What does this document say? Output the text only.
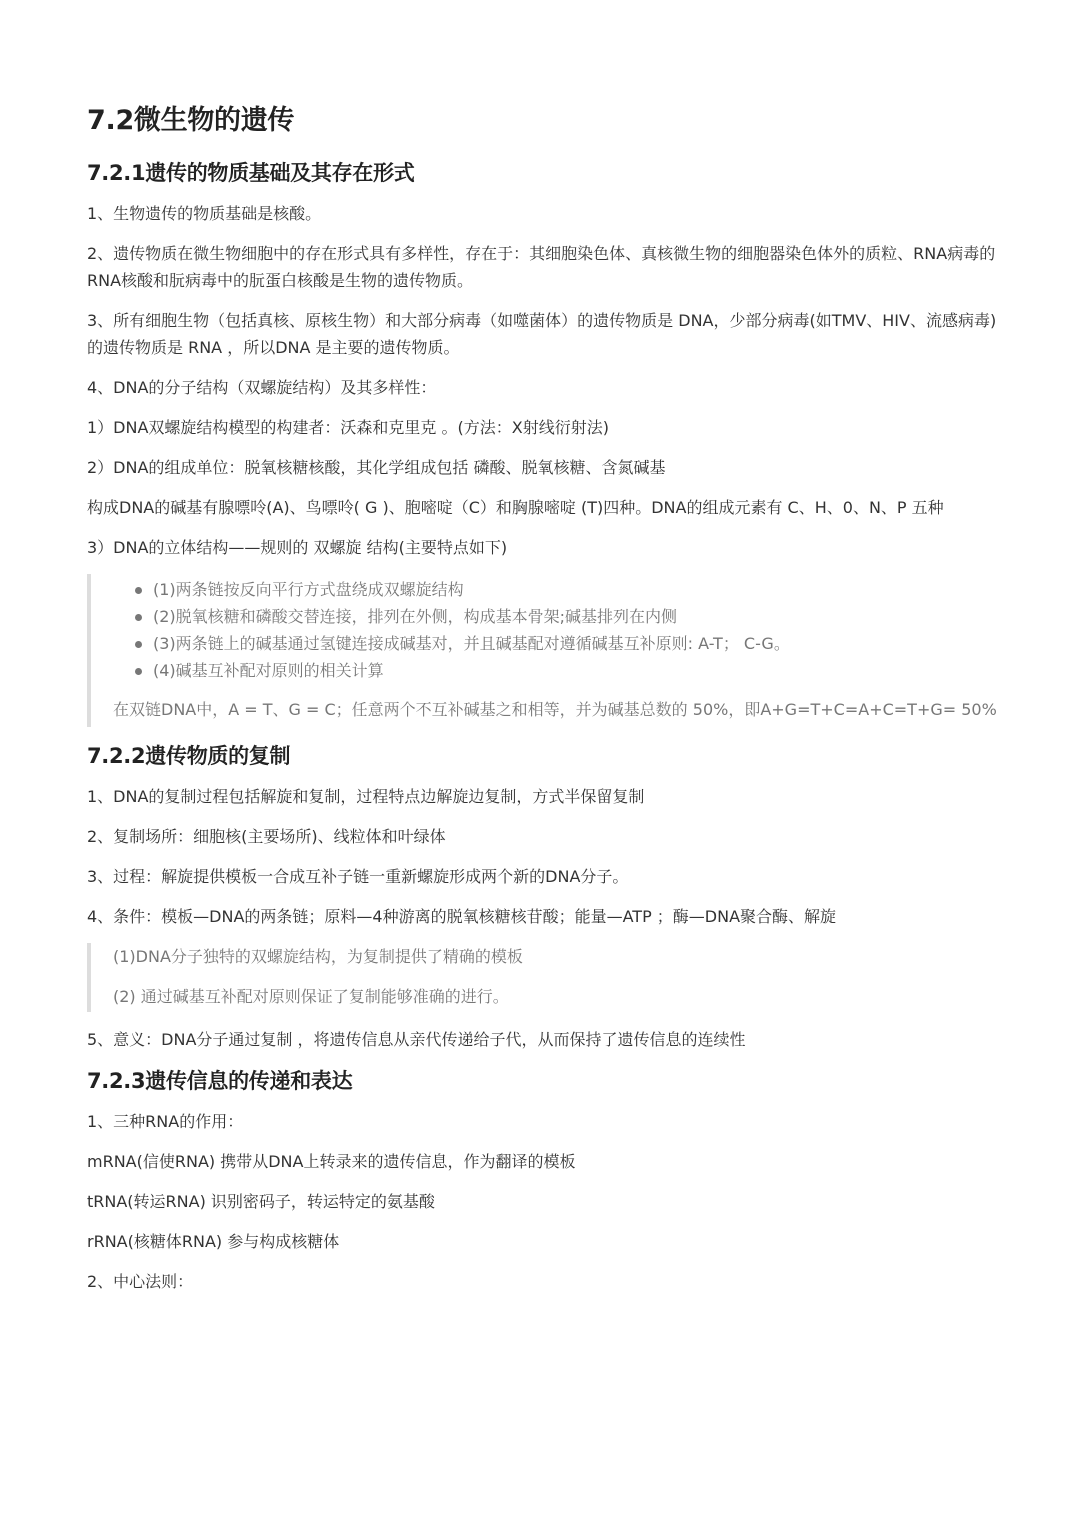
7.2微生物的遗传
7.2.1遗传的物质基础及其存在形式

1、生物遗传的物质基础是核酸。

2、遗传物质在微生物细胞中的存在形式具有多样性，存在于：其细胞染色体、真核微生物的细胞器染色体外的质粒、RNA病毒的RNA核酸和朊病毒中的朊蛋白核酸是生物的遗传物质。

3、所有细胞生物（包括真核、原核生物）和大部分病毒（如噬菌体）的遗传物质是 DNA，少部分病毒(如TMV、HIV、流感病毒)的遗传物质是 RNA ，所以DNA 是主要的遗传物质。

4、DNA的分子结构（双螺旋结构）及其多样性：

1）DNA双螺旋结构模型的构建者：沃森和克里克 。(方法：X射线衍射法)

2）DNA的组成单位：脱氧核糖核酸，其化学组成包括 磷酸、脱氧核糖、含氮碱基

构成DNA的碱基有腺嘌呤(A)、鸟嘌呤( G )、胞嘧啶（C）和胸腺嘧啶 (T)四种。DNA的组成元素有 C、H、0、N、P 五种

3）DNA的立体结构——规则的 双螺旋 结构(主要特点如下)

(1)两条链按反向平行方式盘绕成双螺旋结构
(2)脱氧核糖和磷酸交替连接，排列在外侧，构成基本骨架;碱基排列在内侧
(3)两条链上的碱基通过氢键连接成碱基对，并且碱基配对遵循碱基互补原则: A-T； C-G。
(4)碱基互补配对原则的相关计算

在双链DNA中，A = T、G = C；任意两个不互补碱基之和相等，并为碱基总数的 50%，即A+G=T+C=A+C=T+G= 50%

7.2.2遗传物质的复制

1、DNA的复制过程包括解旋和复制，过程特点边解旋边复制，方式半保留复制

2、复制场所：细胞核(主要场所)、线粒体和叶绿体

3、过程：解旋提供模板一合成互补子链一重新螺旋形成两个新的DNA分子。

4、条件：模板—DNA的两条链；原料—4种游离的脱氧核糖核苷酸；能量—ATP ；酶—DNA聚合酶、解旋

(1)DNA分子独特的双螺旋结构，为复制提供了精确的模板

(2) 通过碱基互补配对原则保证了复制能够准确的进行。

5、意义：DNA分子通过复制 ，将遗传信息从亲代传递给子代，从而保持了遗传信息的连续性

7.2.3遗传信息的传递和表达

1、三种RNA的作用：

mRNA(信使RNA) 携带从DNA上转录来的遗传信息，作为翻译的模板

tRNA(转运RNA) 识别密码子，转运特定的氨基酸

rRNA(核糖体RNA) 参与构成核糖体

2、中心法则：
